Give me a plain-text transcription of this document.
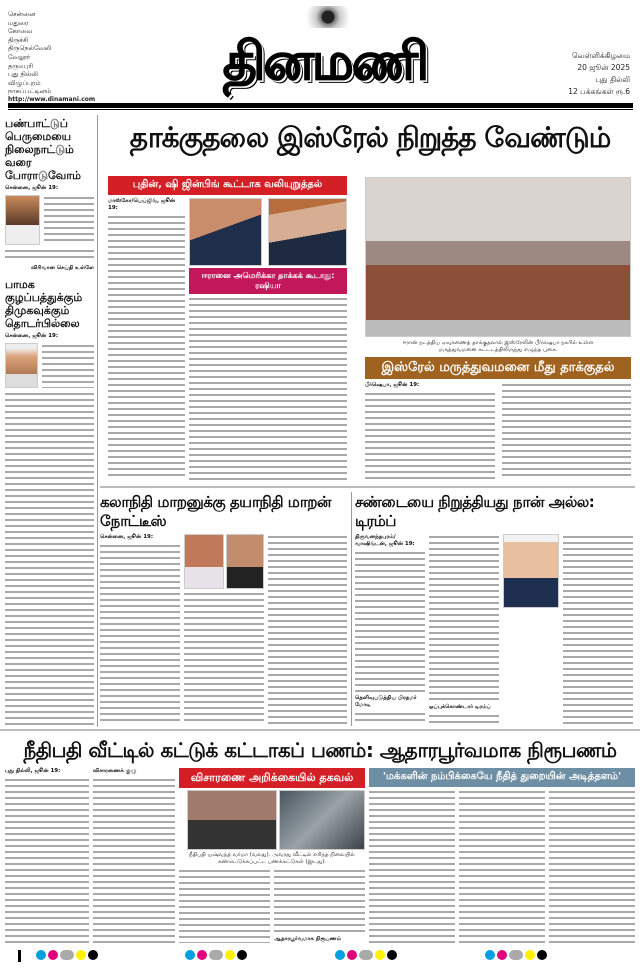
சென்னை
மதுரை
கோவை
திருச்சி
திருநெல்வேலி
வேலூர்
தருமபுரி
புது தில்லி
விழுப்புரம்
நாகப்பட்டினம்
http://www.dinamani.com
தினமணி	வெள்ளிக்கிழமை
20 ஜூன் 2025
புது தில்லி
12 பக்கங்கள் ரூ.6
பண்பாட்டுப் பெருமையை நிலைநாட்டும் வரை போராடுவோம்
சென்னை, ஜூன் 19:
விரிவான செய்தி உள்ளே
பாமக குழப்பத்துக்கும் திமுகவுக்கும் தொடர்பில்லை
சென்னை, ஜூன் 19:
தாக்குதலை இஸ்ரேல் நிறுத்த வேண்டும்
புதின், ஷி ஜின்பிங் கூட்டாக வலியுறுத்தல்
மாஸ்கோ/பெய்ஜிங், ஜூன் 19:
ஈரானை அமெரிக்கா தாக்கக் கூடாது: ரஷியா
ஈரான் நடத்திய ஏவுகணைத் தாக்குதலால் இஸ்ரேலின் பீர்ஷெபா நகரில் உள்ள மருத்துவமனை கட்டடத்திலிருந்து எழுந்த புகை.
இஸ்ரேல் மருத்துவமனை மீது தாக்குதல்
பீர்ஷெபா, ஜூன் 19:
கலாநிதி மாறனுக்கு தயாநிதி மாறன் நோட்டீஸ்
சென்னை, ஜூன் 19:
சண்டையை நிறுத்தியது நான் அல்ல: டிரம்ப்
திருவனந்தபுரம்/வாஷிங்டன், ஜூன் 19:
தெளிவுபடுத்திய பிரதமர் மோடி	ஒப்புக்கொண்டார் டிரம்ப்
நீதிபதி வீட்டில் கட்டுக் கட்டாகப் பணம்: ஆதாரபூர்வமாக நிரூபணம்
புது தில்லி, ஜூன் 19:	விசாரணைக் குழு	விசாரணை அறிக்கையில் தகவல்
நீதிபதி யஷ்வந்த் வர்மா (வலது). அவரது வீட்டில் எரிந்த நிலையில் கண்டெடுக்கப்பட்ட பணக்கட்டுகள் (இடது).
ஆதாரபூர்வமாக நிரூபணம்
'மக்களின் நம்பிக்கையே நீதித் துறையின் அடித்தளம்'
